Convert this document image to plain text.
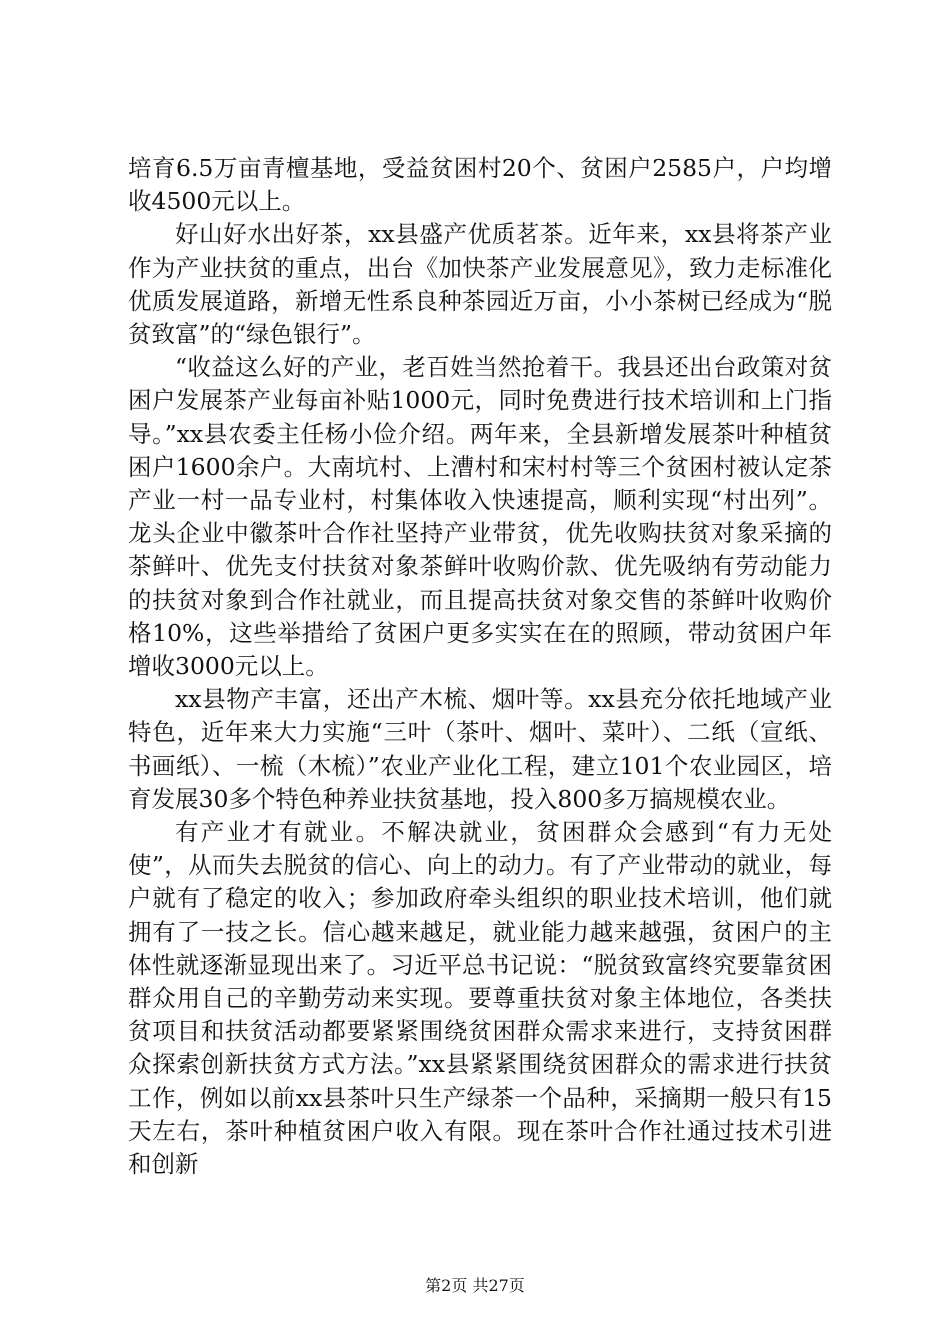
培育6.5万亩青檀基地，受益贫困村20个、贫困户2585户，户均增收4500元以上。

好山好水出好茶，xx县盛产优质茗茶。近年来，xx县将茶产业作为产业扶贫的重点，出台《加快茶产业发展意见》，致力走标准化优质发展道路，新增无性系良种茶园近万亩，小小茶树已经成为“脱贫致富”的“绿色银行”。

“收益这么好的产业，老百姓当然抢着干。我县还出台政策对贫困户发展茶产业每亩补贴1000元，同时免费进行技术培训和上门指导。”xx县农委主任杨小俭介绍。两年来，全县新增发展茶叶种植贫困户1600余户。大南坑村、上漕村和宋村村等三个贫困村被认定茶产业一村一品专业村，村集体收入快速提高，顺利实现“村出列”。龙头企业中徽茶叶合作社坚持产业带贫，优先收购扶贫对象采摘的茶鲜叶、优先支付扶贫对象茶鲜叶收购价款、优先吸纳有劳动能力的扶贫对象到合作社就业，而且提高扶贫对象交售的茶鲜叶收购价格10%，这些举措给了贫困户更多实实在在的照顾，带动贫困户年增收3000元以上。

xx县物产丰富，还出产木梳、烟叶等。xx县充分依托地域产业特色，近年来大力实施“三叶（茶叶、烟叶、菜叶）、二纸（宣纸、书画纸）、一梳（木梳）”农业产业化工程，建立101个农业园区，培育发展30多个特色种养业扶贫基地，投入800多万搞规模农业。

有产业才有就业。不解决就业，贫困群众会感到“有力无处使”，从而失去脱贫的信心、向上的动力。有了产业带动的就业，每户就有了稳定的收入；参加政府牵头组织的职业技术培训，他们就拥有了一技之长。信心越来越足，就业能力越来越强，贫困户的主体性就逐渐显现出来了。习近平总书记说：“脱贫致富终究要靠贫困群众用自己的辛勤劳动来实现。要尊重扶贫对象主体地位，各类扶贫项目和扶贫活动都要紧紧围绕贫困群众需求来进行，支持贫困群众探索创新扶贫方式方法。”xx县紧紧围绕贫困群众的需求进行扶贫工作，例如以前xx县茶叶只生产绿茶一个品种，采摘期一般只有15天左右，茶叶种植贫困户收入有限。现在茶叶合作社通过技术引进和创新

第2页 共27页
